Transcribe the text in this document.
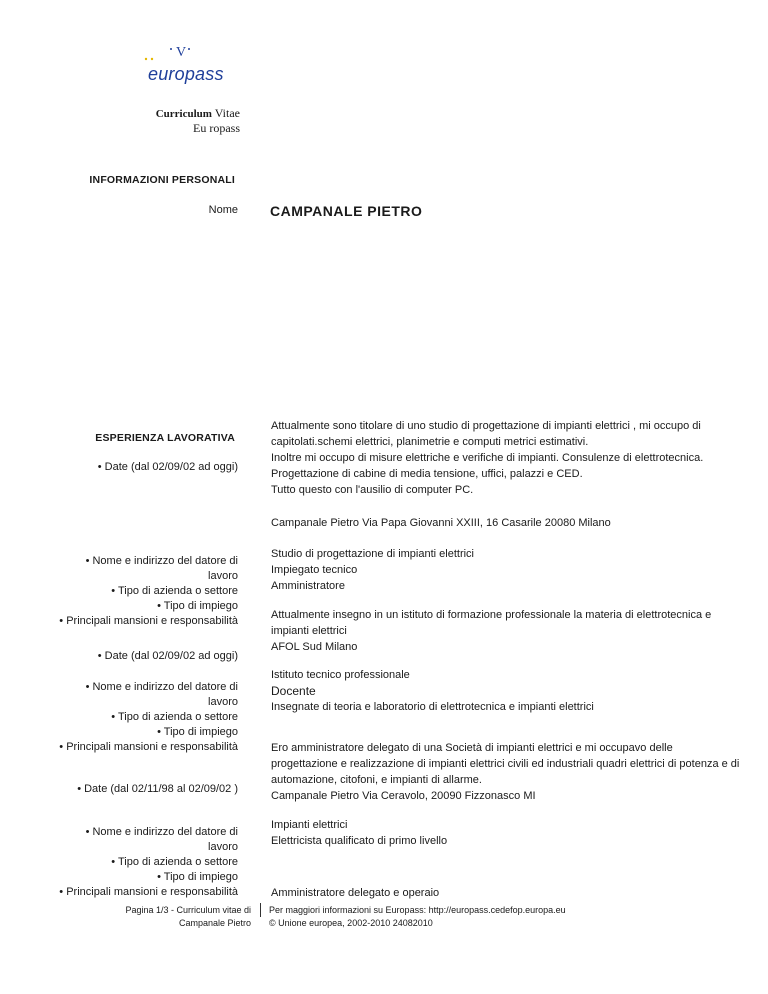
V
europass
Curriculum Vitae
Eu ropass
INFORMAZIONI PERSONALI
Nome CAMPANALE PIETRO
ESPERIENZA LAVORATIVA
• Date (dal 02/09/02 ad oggi)
Attualmente sono titolare di uno studio di progettazione di impianti elettrici , mi occupo di
capitolati.schemi elettrici, planimetrie e computi metrici estimativi.
Inoltre mi occupo di misure elettriche e verifiche di impianti. Consulenze di elettrotecnica.
Progettazione di cabine di media tensione, uffici, palazzi e CED.
Tutto questo con l'ausilio di computer PC.
Campanale Pietro Via Papa Giovanni XXIII, 16 Casarile 20080 Milano
• Nome e indirizzo del datore di
lavoro
• Tipo di azienda o settore
• Tipo di impiego
• Principali mansioni e responsabilità
Studio di progettazione di impianti elettrici
Impiegato tecnico
Amministratore
Attualmente insegno in un istituto di formazione professionale la materia di elettrotecnica e
impianti elettrici
AFOL Sud Milano
• Date (dal 02/09/02 ad oggi)
• Nome e indirizzo del datore di
lavoro
• Tipo di azienda o settore
• Tipo di impiego
• Principali mansioni e responsabilità
Istituto tecnico professionale
Docente
Insegnate di teoria e laboratorio di elettrotecnica e impianti elettrici
Ero amministratore delegato di una Società di impianti elettrici e mi occupavo delle
progettazione e realizzazione di impianti elettrici civili ed industriali quadri elettrici di potenza e di
automazione, citofoni, e impianti di allarme.
Campanale Pietro Via Ceravolo, 20090 Fizzonasco MI
• Date (dal 02/11/98 al 02/09/02 )
• Nome e indirizzo del datore di
lavoro
• Tipo di azienda o settore
• Tipo di impiego
• Principali mansioni e responsabilità
Impianti elettrici
Elettricista qualificato di primo livello
Amministratore delegato e operaio
Pagina 1/3 - Curriculum vitae di
Campanale Pietro
Per maggiori informazioni su Europass: http://europass.cedefop.europa.eu
© Unione europea, 2002-2010 24082010
